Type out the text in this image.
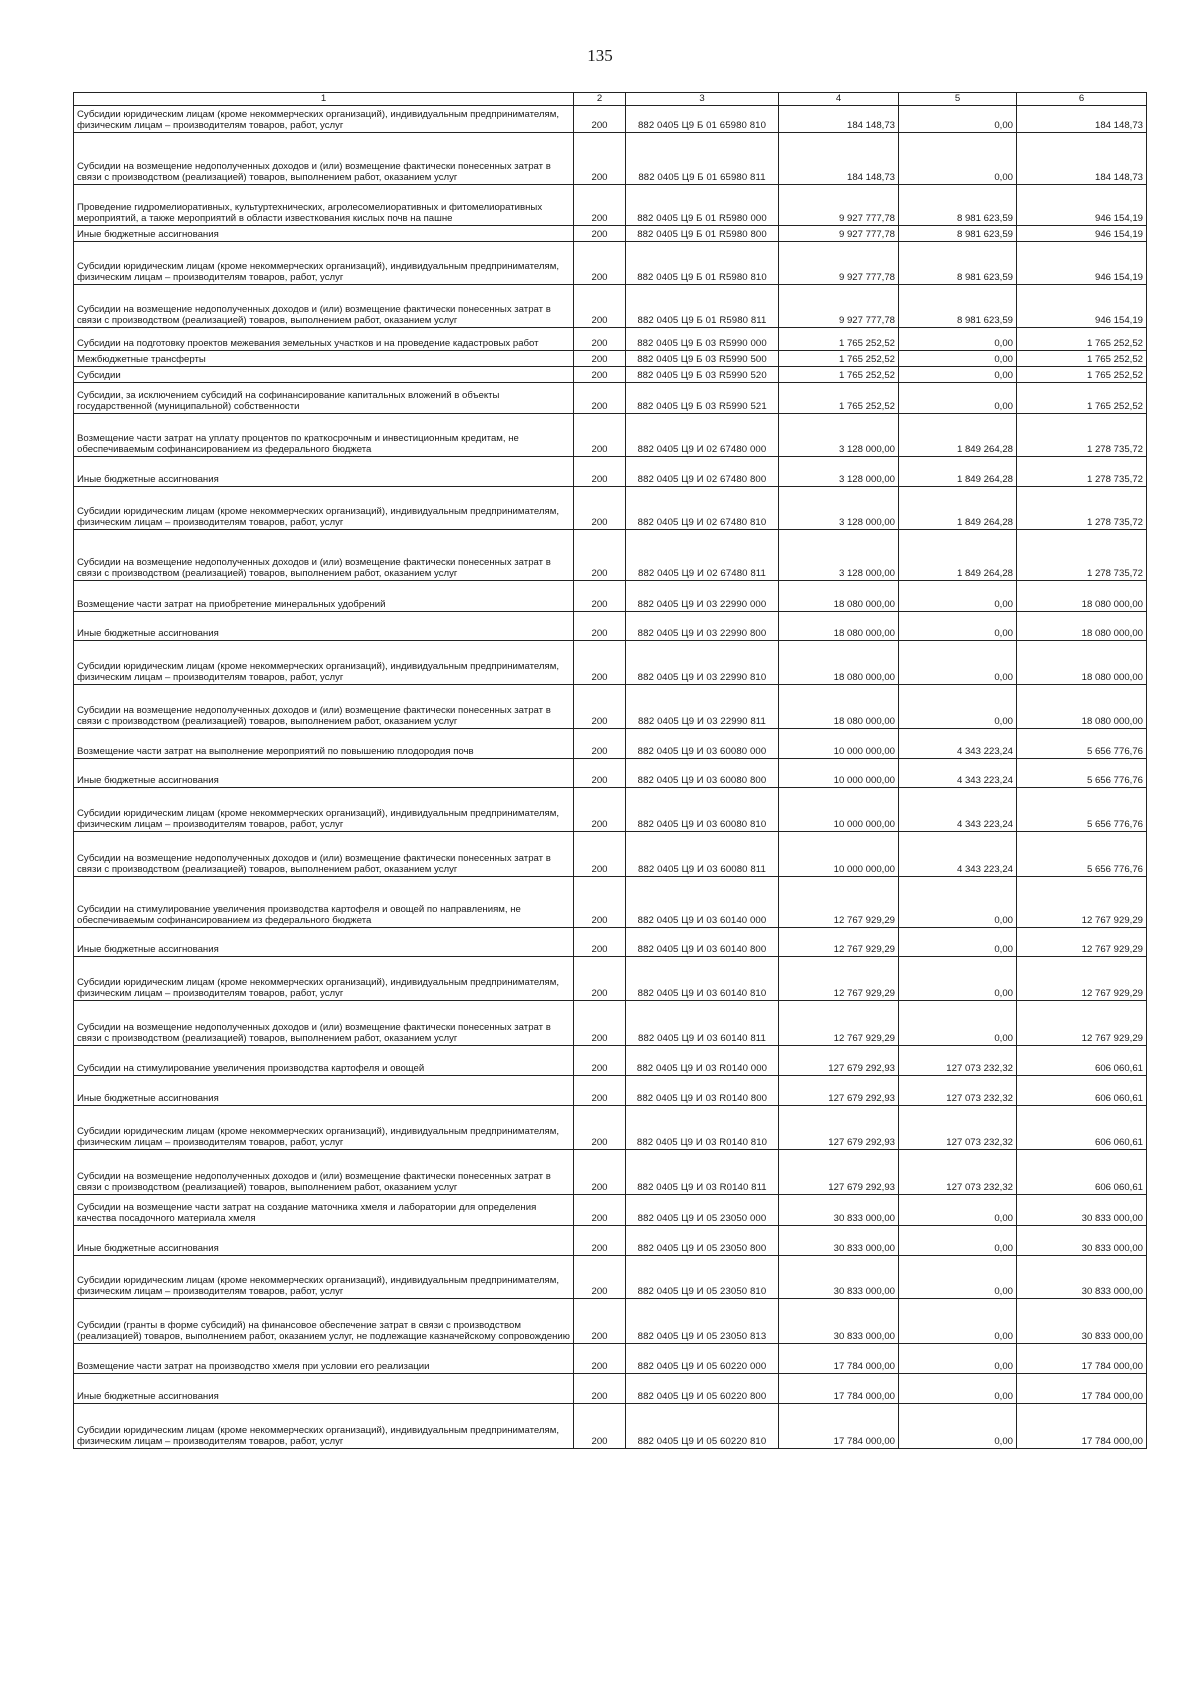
135
1	2	3	4	5	6
Субсидии юридическим лицам (кроме некоммерческих организаций), индивидуальным предпринимателям, физическим лицам – производителям товаров, работ, услуг	200	882 0405 Ц9 Б 01 65980 810	184 148,73	0,00	184 148,73
Субсидии на возмещение недополученных доходов и (или) возмещение фактически понесенных затрат в связи с производством (реализацией) товаров, выполнением работ, оказанием услуг	200	882 0405 Ц9 Б 01 65980 811	184 148,73	0,00	184 148,73
Проведение гидромелиоративных, культуртехнических, агролесомелиоративных и фитомелиоративных мероприятий, а также мероприятий в области известкования кислых почв на пашне	200	882 0405 Ц9 Б 01 R5980 000	9 927 777,78	8 981 623,59	946 154,19
Иные бюджетные ассигнования	200	882 0405 Ц9 Б 01 R5980 800	9 927 777,78	8 981 623,59	946 154,19
Субсидии юридическим лицам (кроме некоммерческих организаций), индивидуальным предпринимателям, физическим лицам – производителям товаров, работ, услуг	200	882 0405 Ц9 Б 01 R5980 810	9 927 777,78	8 981 623,59	946 154,19
Субсидии на возмещение недополученных доходов и (или) возмещение фактически понесенных затрат в связи с производством (реализацией) товаров, выполнением работ, оказанием услуг	200	882 0405 Ц9 Б 01 R5980 811	9 927 777,78	8 981 623,59	946 154,19
Субсидии на подготовку проектов межевания земельных участков и на проведение кадастровых работ	200	882 0405 Ц9 Б 03 R5990 000	1 765 252,52	0,00	1 765 252,52
Межбюджетные трансферты	200	882 0405 Ц9 Б 03 R5990 500	1 765 252,52	0,00	1 765 252,52
Субсидии	200	882 0405 Ц9 Б 03 R5990 520	1 765 252,52	0,00	1 765 252,52
Субсидии, за исключением субсидий на софинансирование капитальных вложений в объекты государственной (муниципальной) собственности	200	882 0405 Ц9 Б 03 R5990 521	1 765 252,52	0,00	1 765 252,52
Возмещение части затрат на уплату процентов по краткосрочным и инвестиционным кредитам, не обеспечиваемым софинансированием из федерального бюджета	200	882 0405 Ц9 И 02 67480 000	3 128 000,00	1 849 264,28	1 278 735,72
Иные бюджетные ассигнования	200	882 0405 Ц9 И 02 67480 800	3 128 000,00	1 849 264,28	1 278 735,72
Субсидии юридическим лицам (кроме некоммерческих организаций), индивидуальным предпринимателям, физическим лицам – производителям товаров, работ, услуг	200	882 0405 Ц9 И 02 67480 810	3 128 000,00	1 849 264,28	1 278 735,72
Субсидии на возмещение недополученных доходов и (или) возмещение фактически понесенных затрат в связи с производством (реализацией) товаров, выполнением работ, оказанием услуг	200	882 0405 Ц9 И 02 67480 811	3 128 000,00	1 849 264,28	1 278 735,72
Возмещение части затрат на приобретение минеральных удобрений	200	882 0405 Ц9 И 03 22990 000	18 080 000,00	0,00	18 080 000,00
Иные бюджетные ассигнования	200	882 0405 Ц9 И 03 22990 800	18 080 000,00	0,00	18 080 000,00
Субсидии юридическим лицам (кроме некоммерческих организаций), индивидуальным предпринимателям, физическим лицам – производителям товаров, работ, услуг	200	882 0405 Ц9 И 03 22990 810	18 080 000,00	0,00	18 080 000,00
Субсидии на возмещение недополученных доходов и (или) возмещение фактически понесенных затрат в связи с производством (реализацией) товаров, выполнением работ, оказанием услуг	200	882 0405 Ц9 И 03 22990 811	18 080 000,00	0,00	18 080 000,00
Возмещение части затрат на выполнение мероприятий по повышению плодородия почв	200	882 0405 Ц9 И 03 60080 000	10 000 000,00	4 343 223,24	5 656 776,76
Иные бюджетные ассигнования	200	882 0405 Ц9 И 03 60080 800	10 000 000,00	4 343 223,24	5 656 776,76
Субсидии юридическим лицам (кроме некоммерческих организаций), индивидуальным предпринимателям, физическим лицам – производителям товаров, работ, услуг	200	882 0405 Ц9 И 03 60080 810	10 000 000,00	4 343 223,24	5 656 776,76
Субсидии на возмещение недополученных доходов и (или) возмещение фактически понесенных затрат в связи с производством (реализацией) товаров, выполнением работ, оказанием услуг	200	882 0405 Ц9 И 03 60080 811	10 000 000,00	4 343 223,24	5 656 776,76
Субсидии на стимулирование увеличения производства картофеля и овощей по направлениям, не обеспечиваемым софинансированием из федерального бюджета	200	882 0405 Ц9 И 03 60140 000	12 767 929,29	0,00	12 767 929,29
Иные бюджетные ассигнования	200	882 0405 Ц9 И 03 60140 800	12 767 929,29	0,00	12 767 929,29
Субсидии юридическим лицам (кроме некоммерческих организаций), индивидуальным предпринимателям, физическим лицам – производителям товаров, работ, услуг	200	882 0405 Ц9 И 03 60140 810	12 767 929,29	0,00	12 767 929,29
Субсидии на возмещение недополученных доходов и (или) возмещение фактически понесенных затрат в связи с производством (реализацией) товаров, выполнением работ, оказанием услуг	200	882 0405 Ц9 И 03 60140 811	12 767 929,29	0,00	12 767 929,29
Субсидии на стимулирование увеличения производства картофеля и овощей	200	882 0405 Ц9 И 03 R0140 000	127 679 292,93	127 073 232,32	606 060,61
Иные бюджетные ассигнования	200	882 0405 Ц9 И 03 R0140 800	127 679 292,93	127 073 232,32	606 060,61
Субсидии юридическим лицам (кроме некоммерческих организаций), индивидуальным предпринимателям, физическим лицам – производителям товаров, работ, услуг	200	882 0405 Ц9 И 03 R0140 810	127 679 292,93	127 073 232,32	606 060,61
Субсидии на возмещение недополученных доходов и (или) возмещение фактически понесенных затрат в связи с производством (реализацией) товаров, выполнением работ, оказанием услуг	200	882 0405 Ц9 И 03 R0140 811	127 679 292,93	127 073 232,32	606 060,61
Субсидии на возмещение части затрат на создание маточника хмеля и лаборатории для определения качества посадочного материала хмеля	200	882 0405 Ц9 И 05 23050 000	30 833 000,00	0,00	30 833 000,00
Иные бюджетные ассигнования	200	882 0405 Ц9 И 05 23050 800	30 833 000,00	0,00	30 833 000,00
Субсидии юридическим лицам (кроме некоммерческих организаций), индивидуальным предпринимателям, физическим лицам – производителям товаров, работ, услуг	200	882 0405 Ц9 И 05 23050 810	30 833 000,00	0,00	30 833 000,00
Субсидии (гранты в форме субсидий) на финансовое обеспечение затрат в связи с производством (реализацией) товаров, выполнением работ, оказанием услуг, не подлежащие казначейскому сопровождению	200	882 0405 Ц9 И 05 23050 813	30 833 000,00	0,00	30 833 000,00
Возмещение части затрат на производство хмеля при условии его реализации	200	882 0405 Ц9 И 05 60220 000	17 784 000,00	0,00	17 784 000,00
Иные бюджетные ассигнования	200	882 0405 Ц9 И 05 60220 800	17 784 000,00	0,00	17 784 000,00
Субсидии юридическим лицам (кроме некоммерческих организаций), индивидуальным предпринимателям, физическим лицам – производителям товаров, работ, услуг	200	882 0405 Ц9 И 05 60220 810	17 784 000,00	0,00	17 784 000,00
